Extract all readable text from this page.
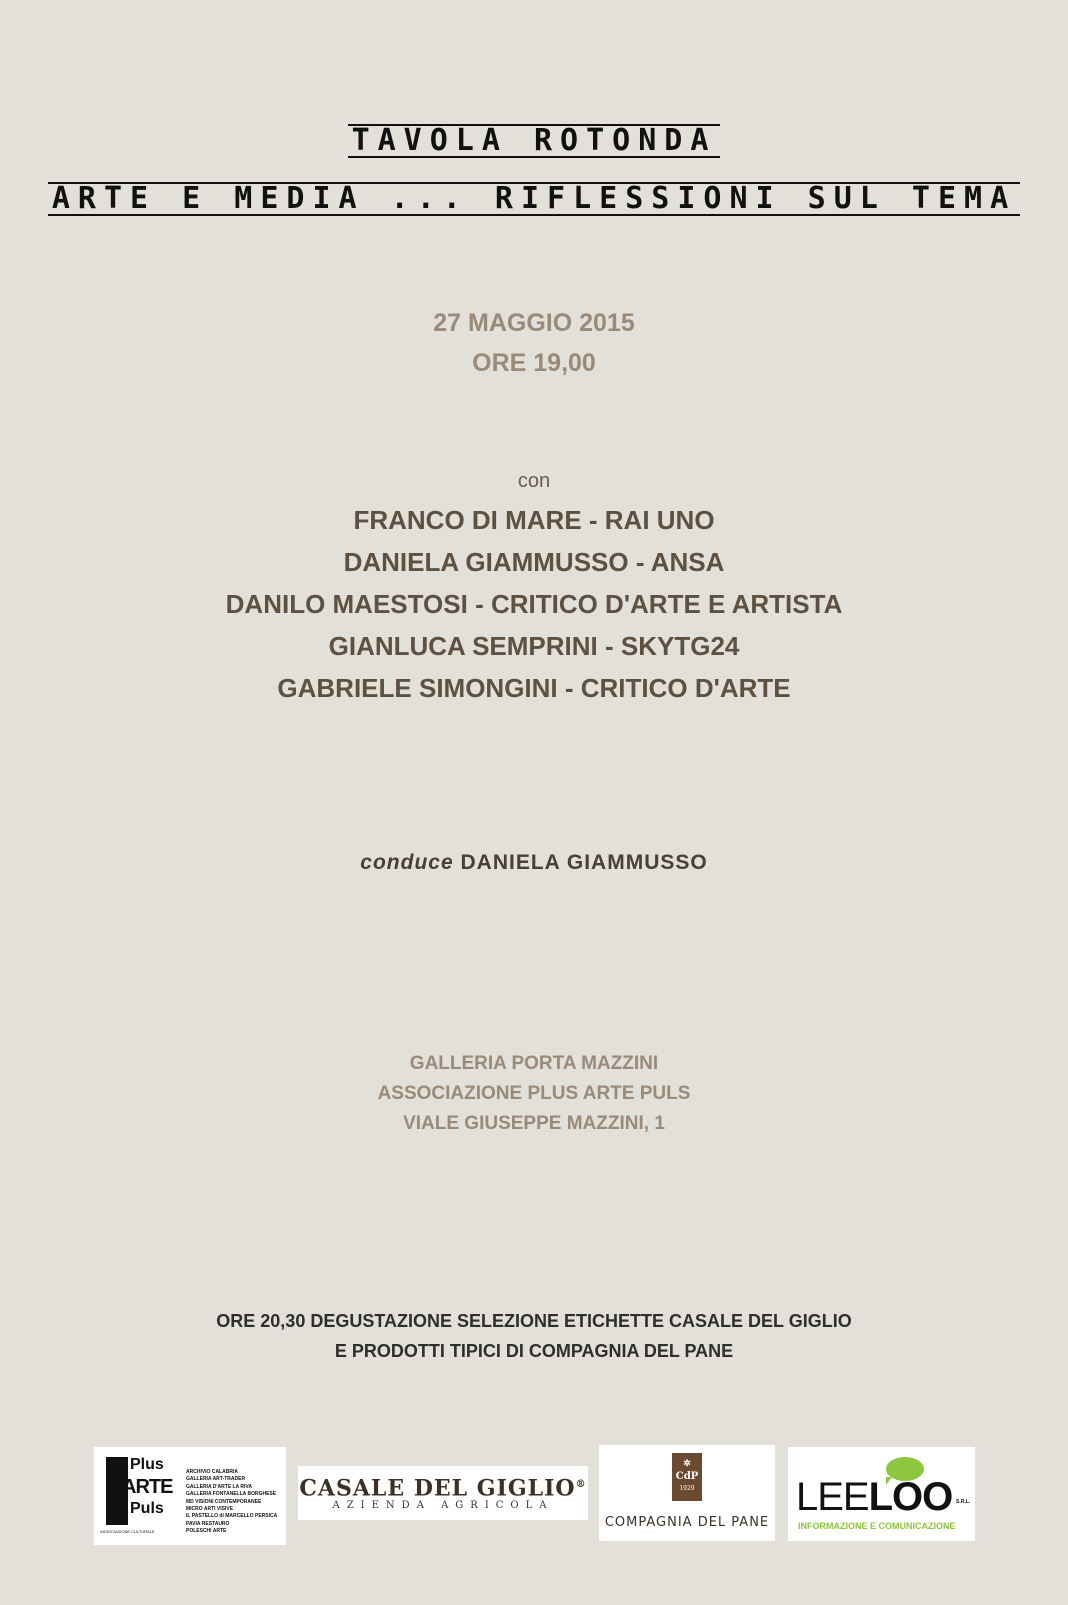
TAVOLA ROTONDA
ARTE E MEDIA ... RIFLESSIONI SUL TEMA
27 MAGGIO 2015
ORE 19,00
con
FRANCO DI MARE - RAI UNO
DANIELA GIAMMUSSO - ANSA
DANILO MAESTOSI - CRITICO D'ARTE E ARTISTA
GIANLUCA SEMPRINI - SKYTG24
GABRIELE SIMONGINI - CRITICO D'ARTE
conduce DANIELA GIAMMUSSO
GALLERIA PORTA MAZZINI
ASSOCIAZIONE PLUS ARTE PULS
VIALE GIUSEPPE MAZZINI, 1
ORE 20,30 DEGUSTAZIONE SELEZIONE ETICHETTE CASALE DEL GIGLIO
E PRODOTTI TIPICI DI COMPAGNIA DEL PANE
Plus
ARTE
Puls
ASSOCIAZIONE CULTURALE
ARCHIVIO CALABRIA
GALLERIA ART-TRADER
GALLERIA D'ARTE LA RIVA
GALLERIA FONTANELLA BORGHESE
MD VISIONI CONTEMPORANEE
MICRO ARTI VISIVE
IL PASTELLO di MARCELLO PERSICA
PAVIA RESTAURO
POLESCHI ARTE
CASALE DEL GIGLIO®
AZIENDA AGRICOLA
✲
CdP
1929
COMPAGNIA DEL PANE
LEELOO S.R.L.
INFORMAZIONE E COMUNICAZIONE
